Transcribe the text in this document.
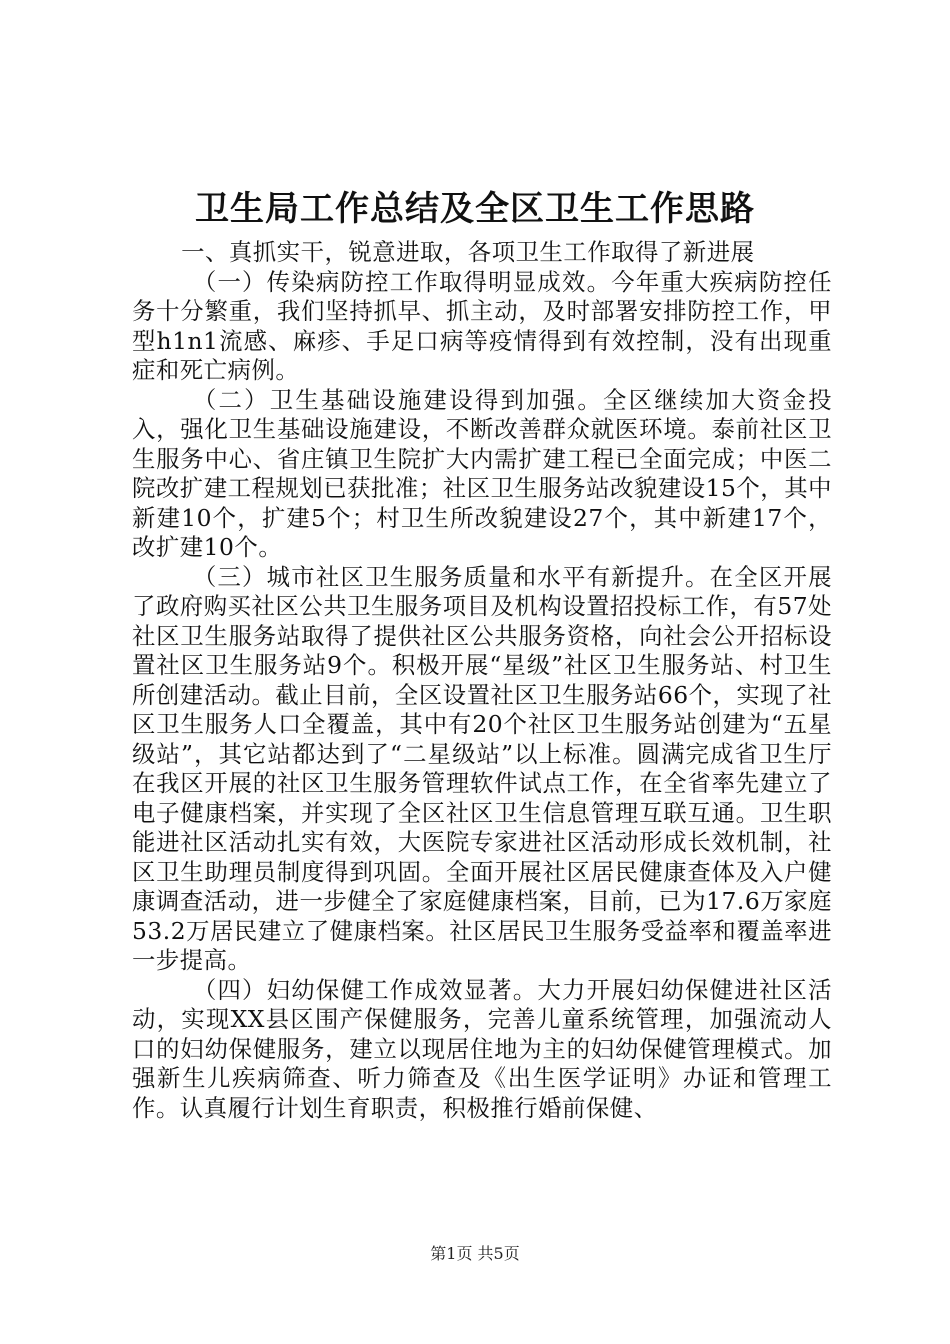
卫生局工作总结及全区卫生工作思路

一、真抓实干，锐意进取，各项卫生工作取得了新进展

（一）传染病防控工作取得明显成效。今年重大疾病防控任务十分繁重，我们坚持抓早、抓主动，及时部署安排防控工作，甲型h1n1流感、麻疹、手足口病等疫情得到有效控制，没有出现重症和死亡病例。

（二）卫生基础设施建设得到加强。全区继续加大资金投入，强化卫生基础设施建设，不断改善群众就医环境。泰前社区卫生服务中心、省庄镇卫生院扩大内需扩建工程已全面完成；中医二院改扩建工程规划已获批准；社区卫生服务站改貌建设15个，其中新建10个，扩建5个；村卫生所改貌建设27个，其中新建17个，改扩建10个。

（三）城市社区卫生服务质量和水平有新提升。在全区开展了政府购买社区公共卫生服务项目及机构设置招投标工作，有57处社区卫生服务站取得了提供社区公共服务资格，向社会公开招标设置社区卫生服务站9个。积极开展“星级”社区卫生服务站、村卫生所创建活动。截止目前，全区设置社区卫生服务站66个，实现了社区卫生服务人口全覆盖，其中有20个社区卫生服务站创建为“五星级站”，其它站都达到了“二星级站”以上标准。圆满完成省卫生厅在我区开展的社区卫生服务管理软件试点工作，在全省率先建立了电子健康档案，并实现了全区社区卫生信息管理互联互通。卫生职能进社区活动扎实有效，大医院专家进社区活动形成长效机制，社区卫生助理员制度得到巩固。全面开展社区居民健康查体及入户健康调查活动，进一步健全了家庭健康档案，目前，已为17.6万家庭53.2万居民建立了健康档案。社区居民卫生服务受益率和覆盖率进一步提高。

（四）妇幼保健工作成效显著。大力开展妇幼保健进社区活动，实现XX县区围产保健服务，完善儿童系统管理，加强流动人口的妇幼保健服务，建立以现居住地为主的妇幼保健管理模式。加强新生儿疾病筛查、听力筛查及《出生医学证明》办证和管理工作。认真履行计划生育职责，积极推行婚前保健、

第1页 共5页
